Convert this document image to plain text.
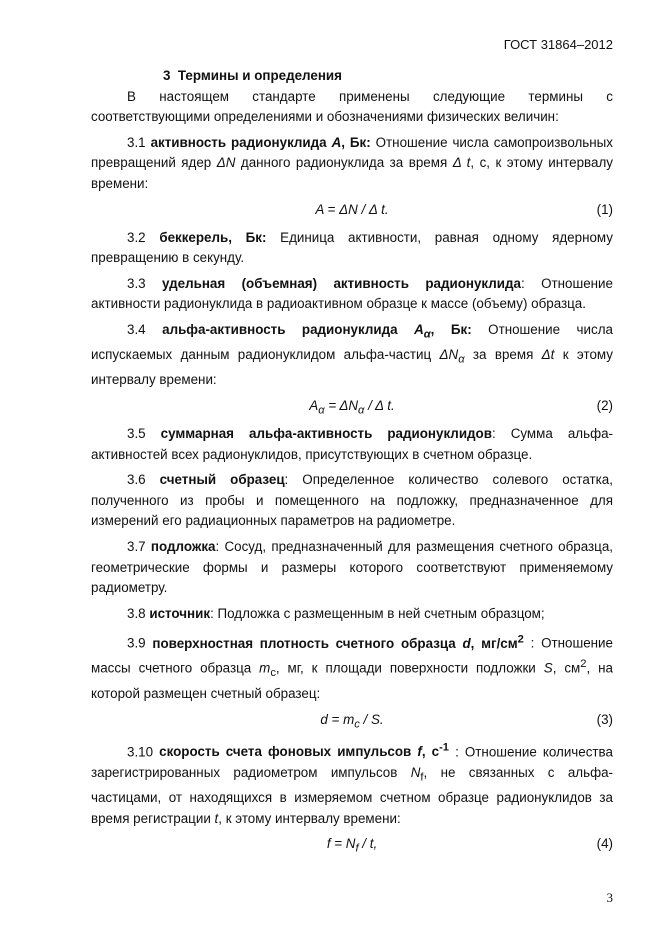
ГОСТ 31864–2012

3 Термины и определения

В настоящем стандарте применены следующие термины с соответствующими определениями и обозначениями физических величин:

3.1 активность радионуклида А, Бк: Отношение числа самопроизвольных превращений ядер ΔN данного радионуклида за время Δ t, с, к этому интервалу времени:

A = ΔN / Δ t.	(1)

3.2 беккерель, Бк: Единица активности, равная одному ядерному превращению в секунду.

3.3 удельная (объемная) активность радионуклида: Отношение активности радионуклида в радиоактивном образце к массе (объему) образца.

3.4 альфа-активность радионуклида $А_\alpha$, Бк: Отношение числа испускаемых данным радионуклидом альфа-частиц $\Delta N_\alpha$ за время Δt к этому интервалу времени:

$A_\alpha = \Delta N_\alpha / \Delta$ t.	(2)

3.5 суммарная альфа-активность радионуклидов: Сумма альфа-активностей всех радионуклидов, присутствующих в счетном образце.

3.6 счетный образец: Определенное количество солевого остатка, полученного из пробы и помещенного на подложку, предназначенное для измерений его радиационных параметров на радиометре.

3.7 подложка: Сосуд, предназначенный для размещения счетного образца, геометрические формы и размеры которого соответствуют применяемому радиометру.

3.8 источник: Подложка с размещенным в ней счетным образцом;

3.9 поверхностная плотность счетного образца d, $мг/см^2$ : Отношение массы счетного образца $m_c$, мг, к площади поверхности подложки S, $см^2$, на которой размещен счетный образец:

$d = m_c / S$.	(3)

3.10 скорость счета фоновых импульсов f, $с^{-1}$ : Отношение количества зарегистрированных радиометром импульсов $N_f$, не связанных с альфа-частицами, от находящихся в измеряемом счетном образце радионуклидов за время регистрации t, к этому интервалу времени:

$f = N_f / t$,	(4)
3
